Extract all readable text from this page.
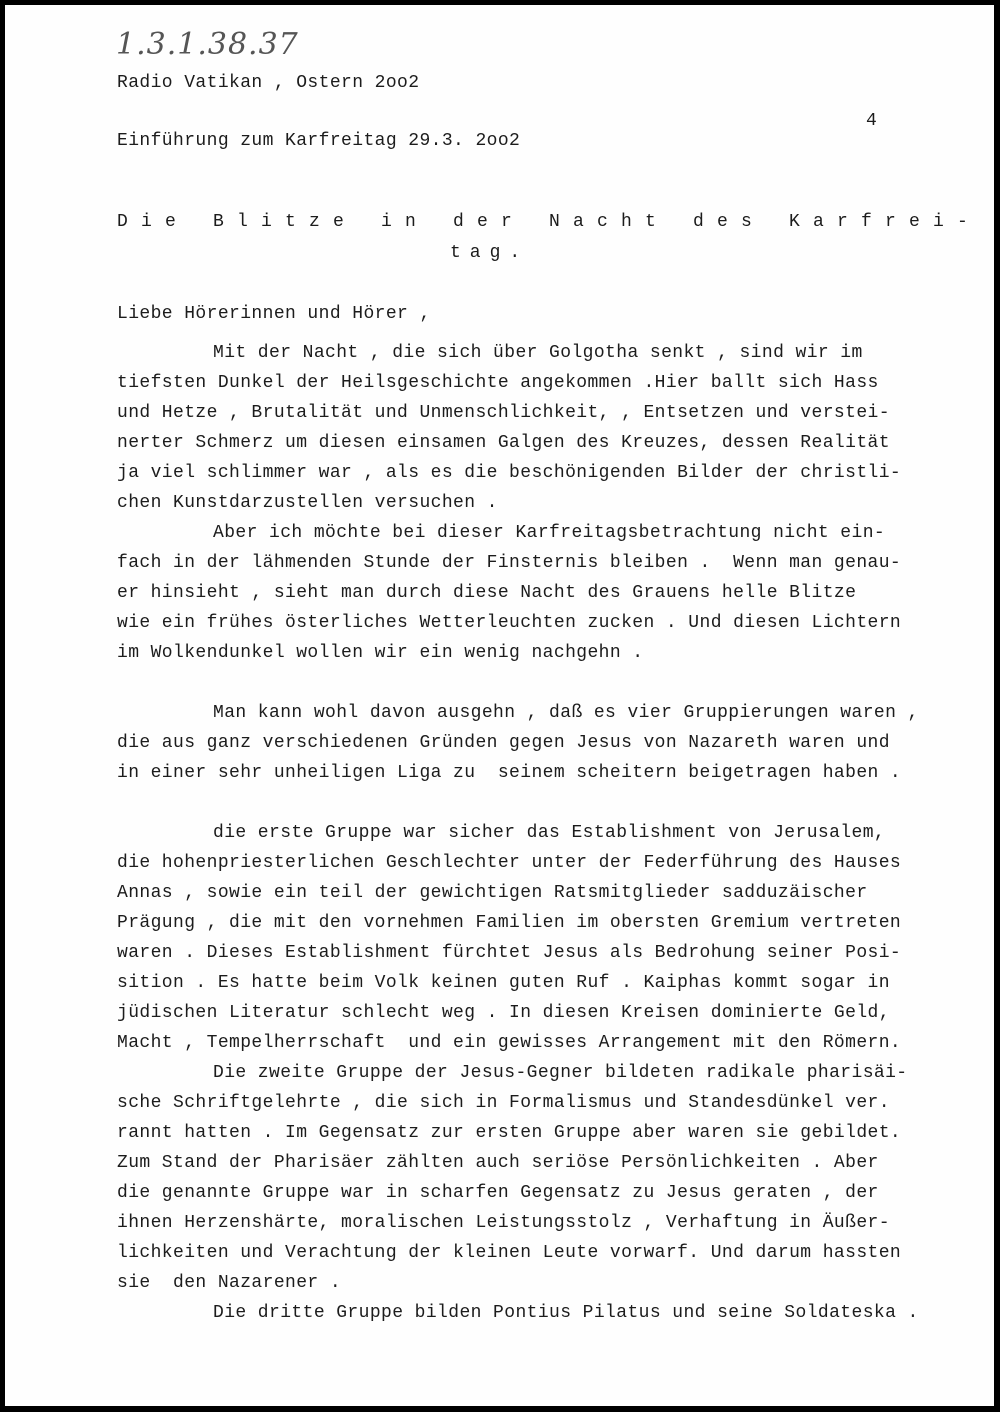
1.3.1.38.37

Radio Vatikan , Ostern 2oo2

4

Einführung zum Karfreitag 29.3. 2oo2

Die Blitze in der Nacht des Karfrei-

tag.

Liebe Hörerinnen und Hörer ,

Mit der Nacht , die sich über Golgotha senkt , sind wir im

tiefsten Dunkel der Heilsgeschichte angekommen .Hier ballt sich Hass

und Hetze , Brutalität und Unmenschlichkeit, , Entsetzen und verstei-

nerter Schmerz um diesen einsamen Galgen des Kreuzes, dessen Realität

ja viel schlimmer war , als es die beschönigenden Bilder der christli-

chen Kunstdarzustellen versuchen .

Aber ich möchte bei dieser Karfreitagsbetrachtung nicht ein-

fach in der lähmenden Stunde der Finsternis bleiben .  Wenn man genau-

er hinsieht , sieht man durch diese Nacht des Grauens helle Blitze

wie ein frühes österliches Wetterleuchten zucken . Und diesen Lichtern

im Wolkendunkel wollen wir ein wenig nachgehn .

Man kann wohl davon ausgehn , daß es vier Gruppierungen waren ,

die aus ganz verschiedenen Gründen gegen Jesus von Nazareth waren und

in einer sehr unheiligen Liga zu  seinem scheitern beigetragen haben .

die erste Gruppe war sicher das Establishment von Jerusalem,

die hohenpriesterlichen Geschlechter unter der Federführung des Hauses

Annas , sowie ein teil der gewichtigen Ratsmitglieder sadduzäischer

Prägung , die mit den vornehmen Familien im obersten Gremium vertreten

waren . Dieses Establishment fürchtet Jesus als Bedrohung seiner Posi-

sition . Es hatte beim Volk keinen guten Ruf . Kaiphas kommt sogar in

jüdischen Literatur schlecht weg . In diesen Kreisen dominierte Geld,

Macht , Tempelherrschaft  und ein gewisses Arrangement mit den Römern.

Die zweite Gruppe der Jesus-Gegner bildeten radikale pharisäi-

sche Schriftgelehrte , die sich in Formalismus und Standesdünkel ver.

rannt hatten . Im Gegensatz zur ersten Gruppe aber waren sie gebildet.

Zum Stand der Pharisäer zählten auch seriöse Persönlichkeiten . Aber

die genannte Gruppe war in scharfen Gegensatz zu Jesus geraten , der

ihnen Herzenshärte, moralischen Leistungsstolz , Verhaftung in Äußer-

lichkeiten und Verachtung der kleinen Leute vorwarf. Und darum hassten

sie  den Nazarener .

Die dritte Gruppe bilden Pontius Pilatus und seine Soldateska .
